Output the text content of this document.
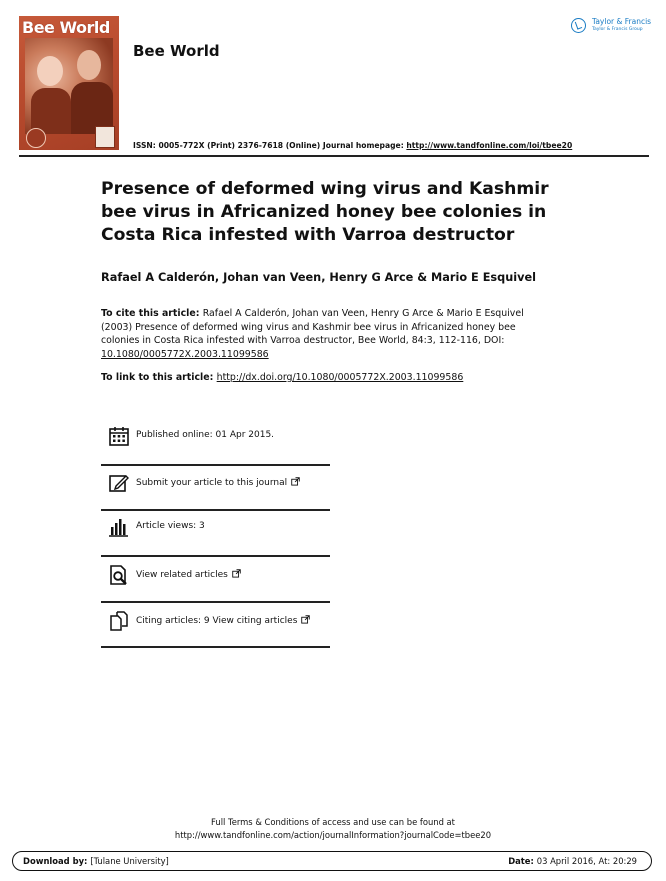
Bee World
Bee World
Taylor & Francis
Taylor & Francis Group
ISSN: 0005-772X (Print) 2376-7618 (Online) Journal homepage: http://www.tandfonline.com/loi/tbee20
Presence of deformed wing virus and Kashmir bee virus in Africanized honey bee colonies in Costa Rica infested with Varroa destructor
Rafael A Calderón, Johan van Veen, Henry G Arce & Mario E Esquivel
To cite this article: Rafael A Calderón, Johan van Veen, Henry G Arce & Mario E Esquivel (2003) Presence of deformed wing virus and Kashmir bee virus in Africanized honey bee colonies in Costa Rica infested with Varroa destructor, Bee World, 84:3, 112-116, DOI: 10.1080/0005772X.2003.11099586
To link to this article: http://dx.doi.org/10.1080/0005772X.2003.11099586
Published online: 01 Apr 2015.
Submit your article to this journal
Article views: 3
View related articles
Citing articles: 9 View citing articles
Full Terms & Conditions of access and use can be found at
http://www.tandfonline.com/action/journalInformation?journalCode=tbee20
Download by: [Tulane University]	Date: 03 April 2016, At: 20:29
